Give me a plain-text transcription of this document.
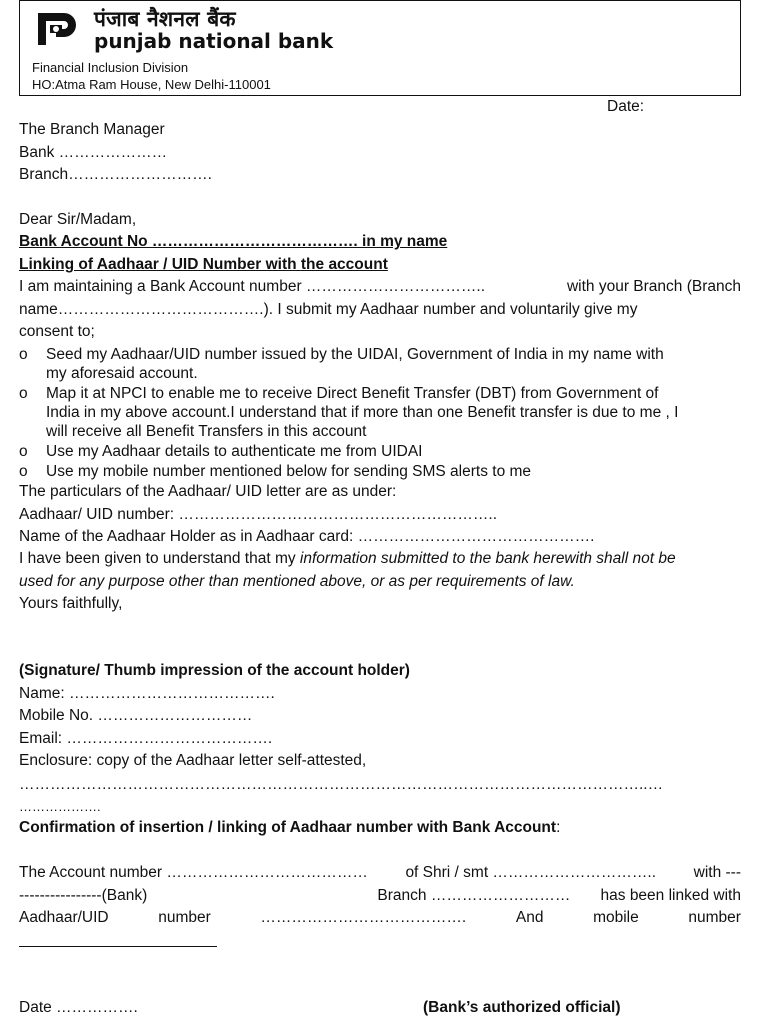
पंजाब नैशनल बैंक
punjab national bank
Financial Inclusion Division
HO:Atma Ram House, New Delhi-110001
Date:
The Branch Manager
Bank …………………
Branch……………………….
Dear Sir/Madam,
Bank Account No …………………………………. in my name
Linking of Aadhaar / UID Number with the account
I am maintaining a Bank Account number ……………………………..	with your Branch (Branch
name………………………………….). I submit my Aadhaar number and voluntarily give my
consent to;
o Seed my Aadhaar/UID number issued by the UIDAI, Government of India in my name with
my aforesaid account.
o Map it at NPCI to enable me to receive Direct Benefit Transfer (DBT) from Government of
India in my above account.I understand that if more than one Benefit transfer is due to me , I
will receive all Benefit Transfers in this account
o Use my Aadhaar details to authenticate me from UIDAI
o Use my mobile number mentioned below for sending SMS alerts to me
The particulars of the Aadhaar/ UID letter are as under:
Aadhaar/ UID number: ……………………………………………………..
Name of the Aadhaar Holder as in Aadhaar card: ……………………………………….
I have been given to understand that my information submitted to the bank herewith shall not be
used for any purpose other than mentioned above, or as per requirements of law.
Yours faithfully,
(Signature/ Thumb impression of the account holder)
Name: ………………………………….
Mobile No. …………………………
Email: ………………………………….
Enclosure: copy of the Aadhaar letter self-attested,
…………………………………………………………………………………………………………..…
……………….
Confirmation of insertion / linking of Aadhaar number with Bank Account:
The Account number ………………………………… of Shri / smt ………………………….. with ---
----------------(Bank)	Branch ……………………… has been linked with
Aadhaar/UID	number	………………………………….	And	mobile	number
Date …………….	(Bank’s authorized official)
